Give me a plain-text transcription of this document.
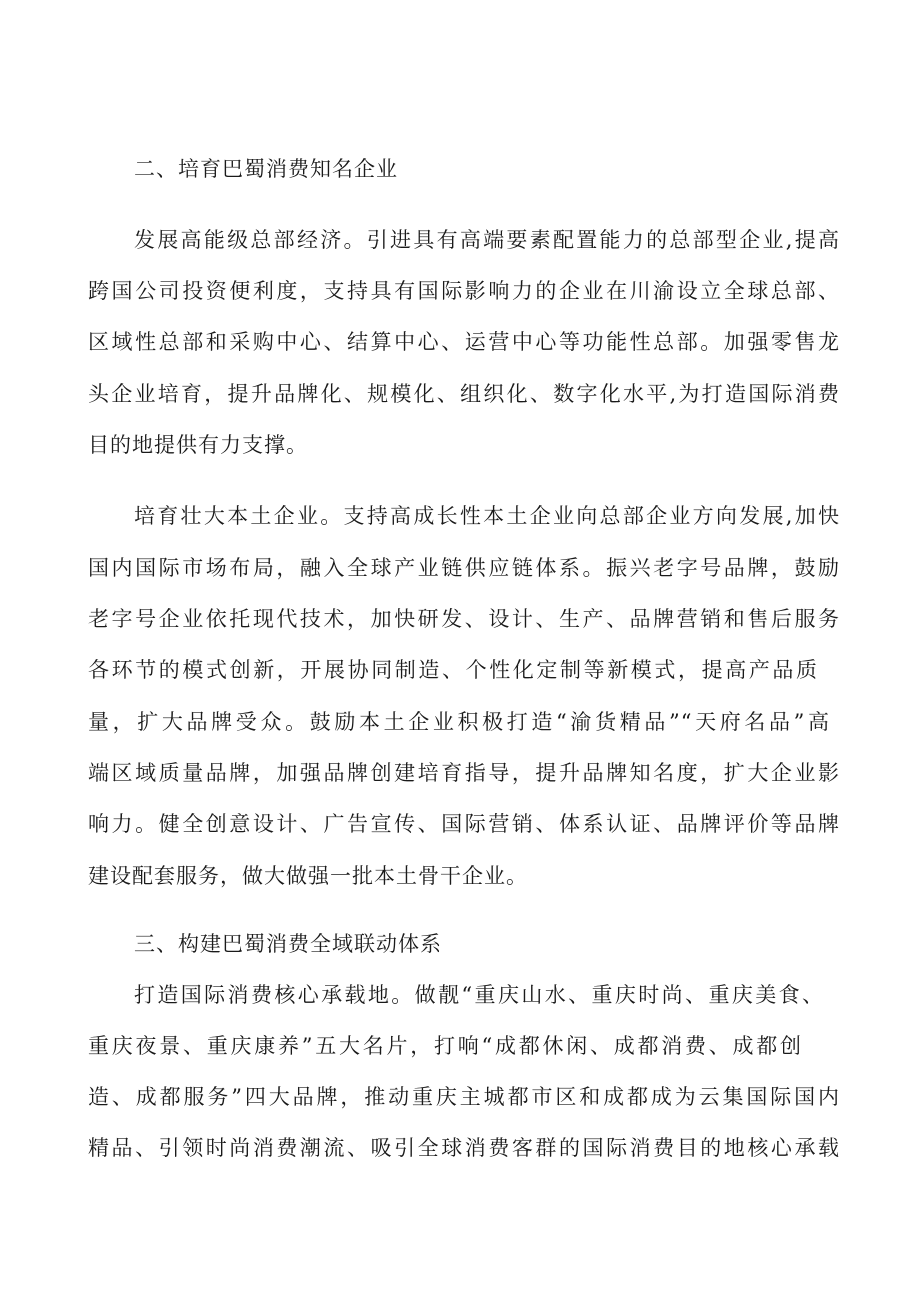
二、培育巴蜀消费知名企业
发展高能级总部经济。引进具有高端要素配置能力的总部型企业,提高
跨国公司投资便利度，支持具有国际影响力的企业在川渝设立全球总部、
区域性总部和采购中心、结算中心、运营中心等功能性总部。加强零售龙
头企业培育，提升品牌化、规模化、组织化、数字化水平,为打造国际消费
目的地提供有力支撑。
培育壮大本土企业。支持高成长性本土企业向总部企业方向发展,加快
国内国际市场布局，融入全球产业链供应链体系。振兴老字号品牌，鼓励
老字号企业依托现代技术，加快研发、设计、生产、品牌营销和售后服务
各环节的模式创新，开展协同制造、个性化定制等新模式，提高产品质
量，扩大品牌受众。鼓励本土企业积极打造“渝货精品”“天府名品”高
端区域质量品牌，加强品牌创建培育指导，提升品牌知名度，扩大企业影
响力。健全创意设计、广告宣传、国际营销、体系认证、品牌评价等品牌
建设配套服务，做大做强一批本土骨干企业。
三、构建巴蜀消费全域联动体系
打造国际消费核心承载地。做靓“重庆山水、重庆时尚、重庆美食、
重庆夜景、重庆康养”五大名片，打响“成都休闲、成都消费、成都创
造、成都服务”四大品牌，推动重庆主城都市区和成都成为云集国际国内
精品、引领时尚消费潮流、吸引全球消费客群的国际消费目的地核心承载
